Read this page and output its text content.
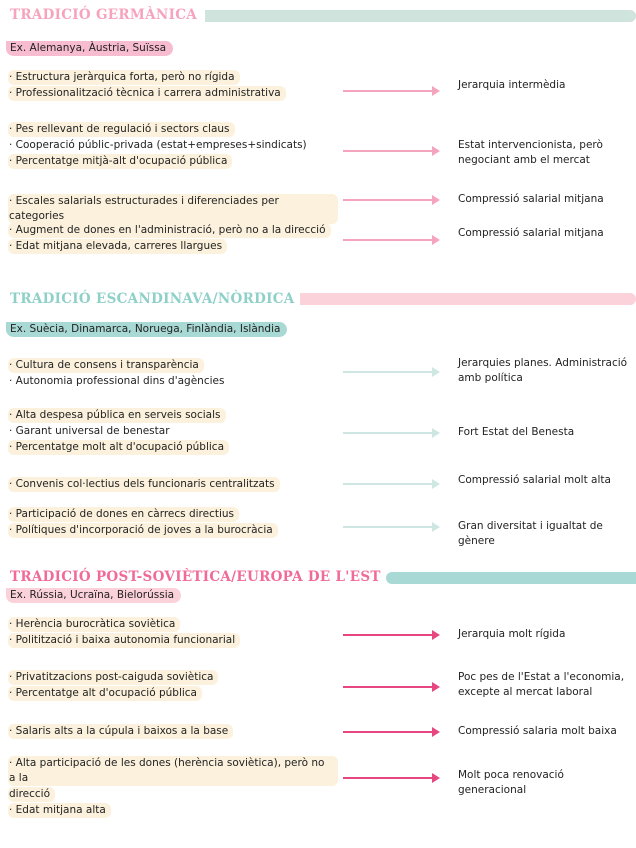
TRADICIÓ GERMÀNICA
Ex. Alemanya, Àustria, Suïssa
· Estructura jeràrquica forta, però no rígida
· Professionalització tècnica i carrera administrativa
Jerarquia intermèdia
· Pes rellevant de regulació i sectors claus
· Cooperació públic-privada (estat+empreses+sindicats)
· Percentatge mitjà-alt d'ocupació pública
Estat intervencionista, però
negociant amb el mercat
· Escales salarials estructurades i diferenciades per categories
Compressió salarial mitjana
· Augment de dones en l'administració, però no a la direcció
· Edat mitjana elevada, carreres llargues
Compressió salarial mitjana
TRADICIÓ ESCANDINAVA/NÒRDICA
Ex. Suècia, Dinamarca, Noruega, Finlàndia, Islàndia
· Cultura de consens i transparència
· Autonomia professional dins d'agències
Jerarquies planes. Administració
amb política
· Alta despesa pública en serveis socials
· Garant universal de benestar
· Percentatge molt alt d'ocupació pública
Fort Estat del Benesta
· Convenis col·lectius dels funcionaris centralitzats	Compressió salarial molt alta
· Participació de dones en càrrecs directius
· Polítiques d'incorporació de joves a la burocràcia	Gran diversitat i igualtat de gènere
TRADICIÓ POST-SOVIÈTICA/EUROPA DE L'EST
Ex. Rússia, Ucraïna, Bielorússia
· Herència burocràtica soviètica
· Politització i baixa autonomia funcionarial	Jerarquia molt rígida
· Privatitzacions post-caiguda soviètica
· Percentatge alt d'ocupació pública
Poc pes de l'Estat a l'economia,
excepte al mercat laboral
· Salaris alts a la cúpula i baixos a la base	Compressió salaria molt baixa
· Alta participació de les dones (herència soviètica), però no a la
direcció
· Edat mitjana alta
Molt poca renovació generacional
